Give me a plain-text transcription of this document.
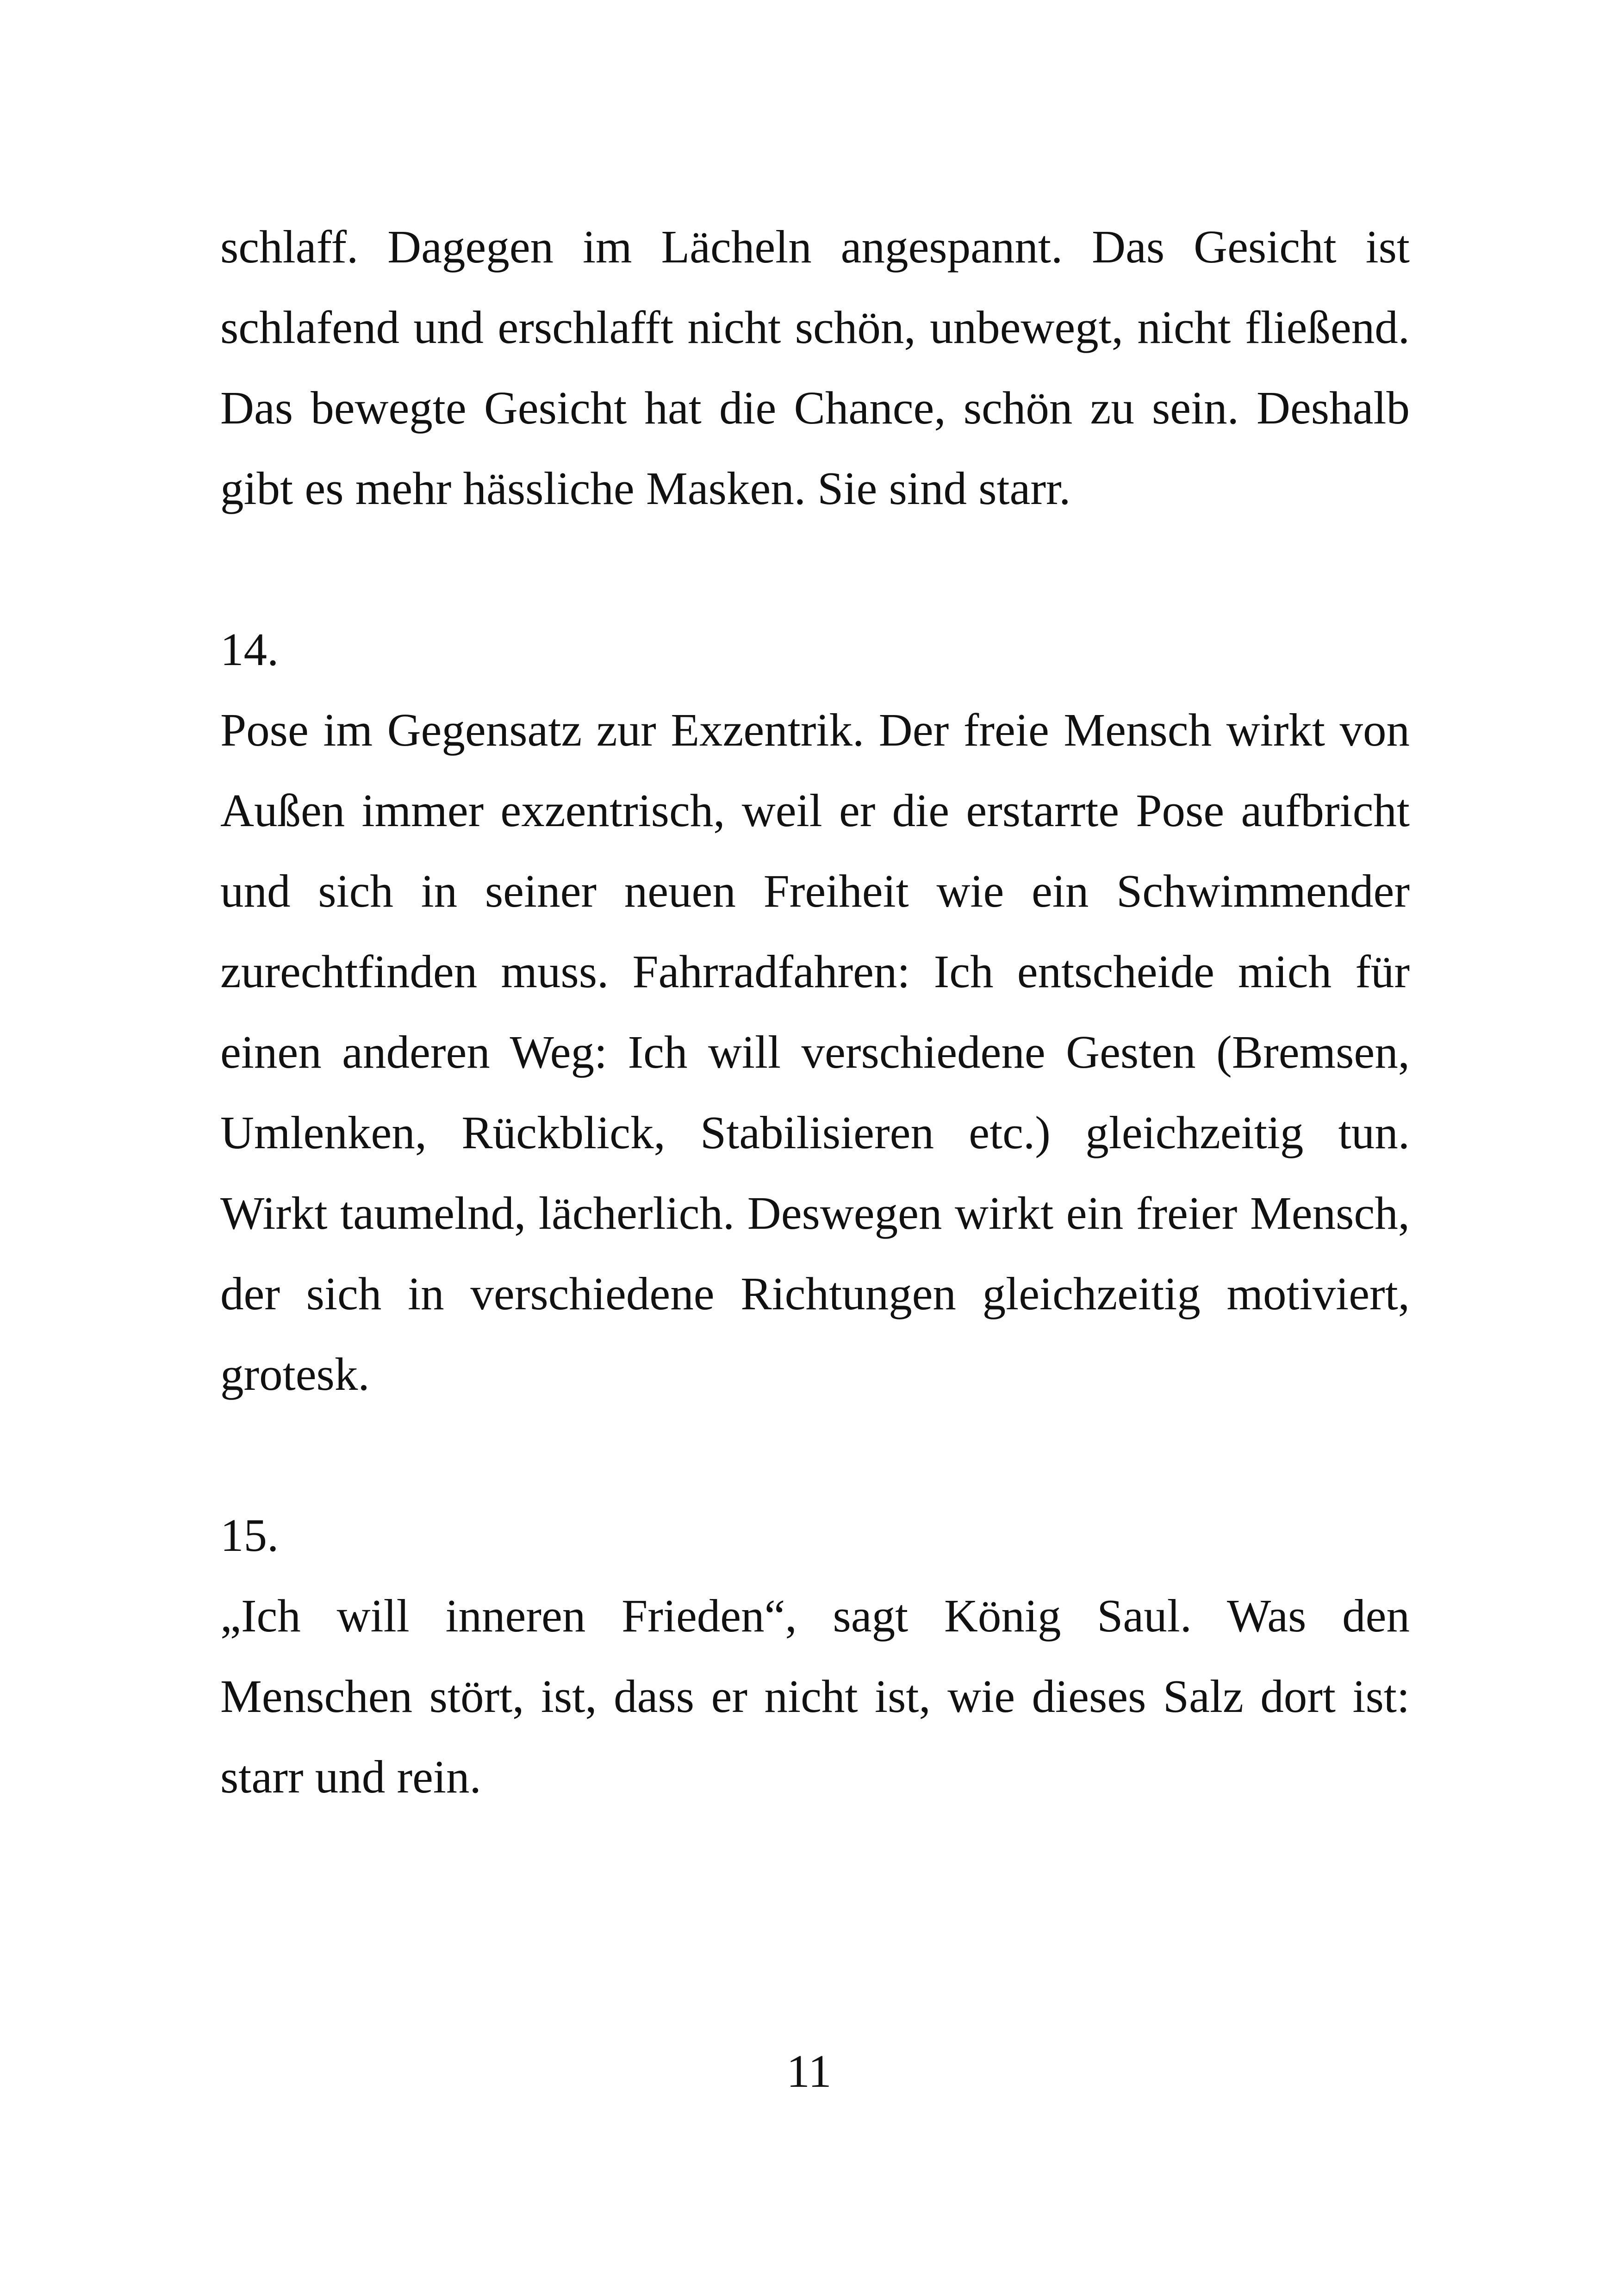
schlaff. Dagegen im Lächeln angespannt. Das Gesicht ist schlafend und erschlafft nicht schön, unbewegt, nicht fließend. Das bewegte Gesicht hat die Chance, schön zu sein. Deshalb gibt es mehr hässliche Masken. Sie sind starr.

14.

Pose im Gegensatz zur Exzentrik. Der freie Mensch wirkt von Außen immer exzentrisch, weil er die erstarrte Pose aufbricht und sich in seiner neuen Freiheit wie ein Schwimmender zurechtfinden muss. Fahrradfahren: Ich entscheide mich für einen anderen Weg: Ich will verschiedene Gesten (Bremsen, Umlenken, Rückblick, Stabilisieren etc.) gleichzeitig tun. Wirkt taumelnd, lächerlich. Deswegen wirkt ein freier Mensch, der sich in verschiedene Richtungen gleichzeitig motiviert, grotesk.

15.

„Ich will inneren Frieden“, sagt König Saul. Was den Menschen stört, ist, dass er nicht ist, wie dieses Salz dort ist: starr und rein.

11
